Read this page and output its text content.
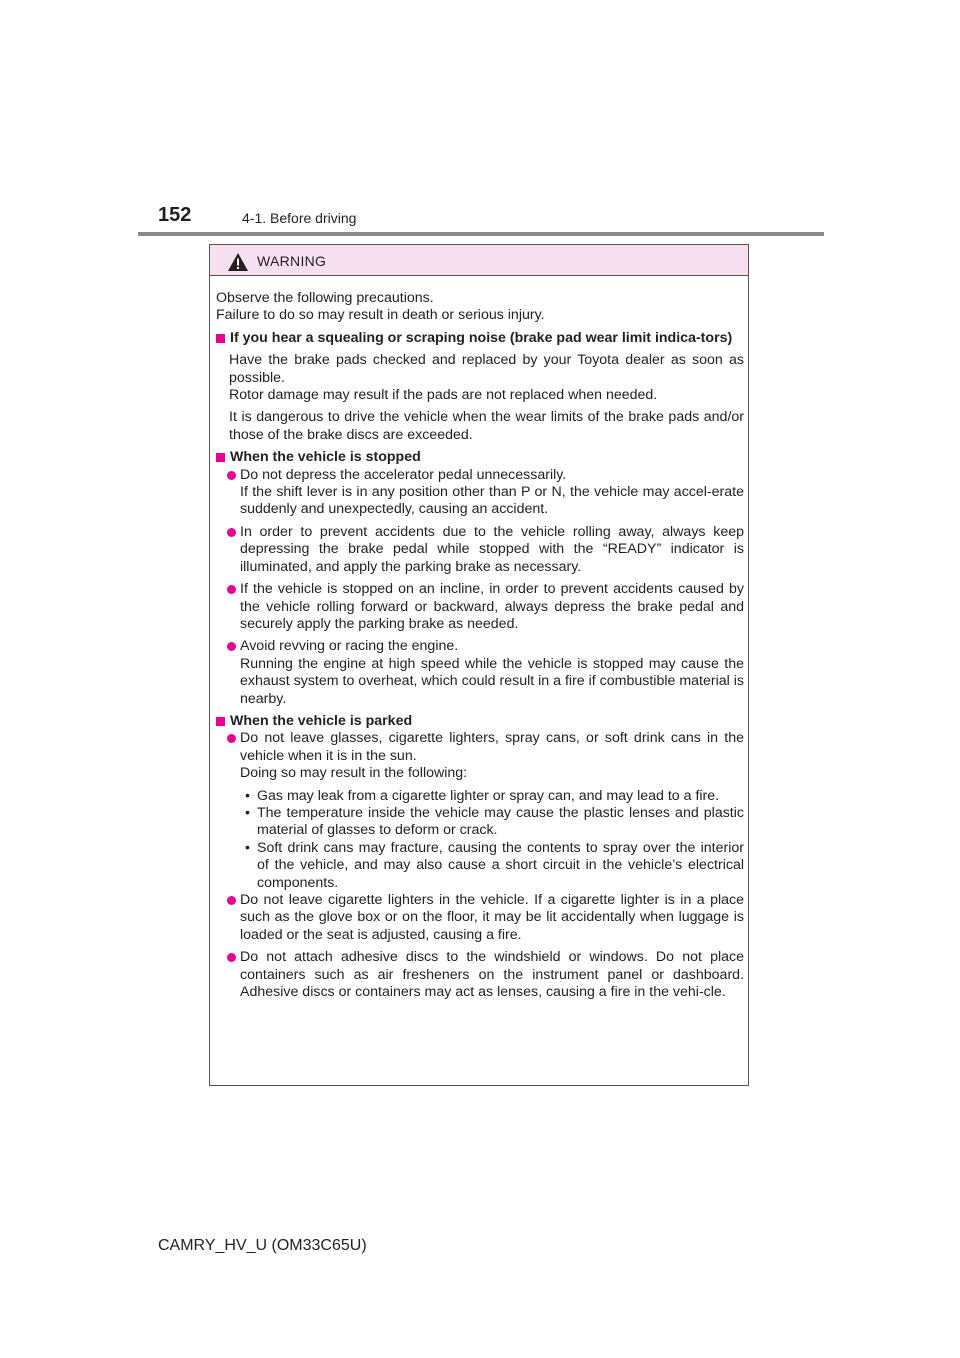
152	4-1. Before driving
WARNING

Observe the following precautions.

Failure to do so may result in death or serious injury.

If you hear a squealing or scraping noise (brake pad wear limit indica-tors)

Have the brake pads checked and replaced by your Toyota dealer as soon as possible.

Rotor damage may result if the pads are not replaced when needed.

It is dangerous to drive the vehicle when the wear limits of the brake pads and/or those of the brake discs are exceeded.

When the vehicle is stopped
Do not depress the accelerator pedal unnecessarily.

If the shift lever is in any position other than P or N, the vehicle may accel-erate suddenly and unexpectedly, causing an accident.

In order to prevent accidents due to the vehicle rolling away, always keep depressing the brake pedal while stopped with the “READY” indicator is illuminated, and apply the parking brake as necessary.
If the vehicle is stopped on an incline, in order to prevent accidents caused by the vehicle rolling forward or backward, always depress the brake pedal and securely apply the parking brake as needed.
Avoid revving or racing the engine.

Running the engine at high speed while the vehicle is stopped may cause the exhaust system to overheat, which could result in a fire if combustible material is nearby.

When the vehicle is parked
Do not leave glasses, cigarette lighters, spray cans, or soft drink cans in the vehicle when it is in the sun.

Doing so may result in the following:

• Gas may leak from a cigarette lighter or spray can, and may lead to a fire.
• The temperature inside the vehicle may cause the plastic lenses and plastic material of glasses to deform or crack.
• Soft drink cans may fracture, causing the contents to spray over the interior of the vehicle, and may also cause a short circuit in the vehicle’s electrical components.
Do not leave cigarette lighters in the vehicle. If a cigarette lighter is in a place such as the glove box or on the floor, it may be lit accidentally when luggage is loaded or the seat is adjusted, causing a fire.
Do not attach adhesive discs to the windshield or windows. Do not place containers such as air fresheners on the instrument panel or dashboard. Adhesive discs or containers may act as lenses, causing a fire in the vehi-cle.
CAMRY_HV_U (OM33C65U)
